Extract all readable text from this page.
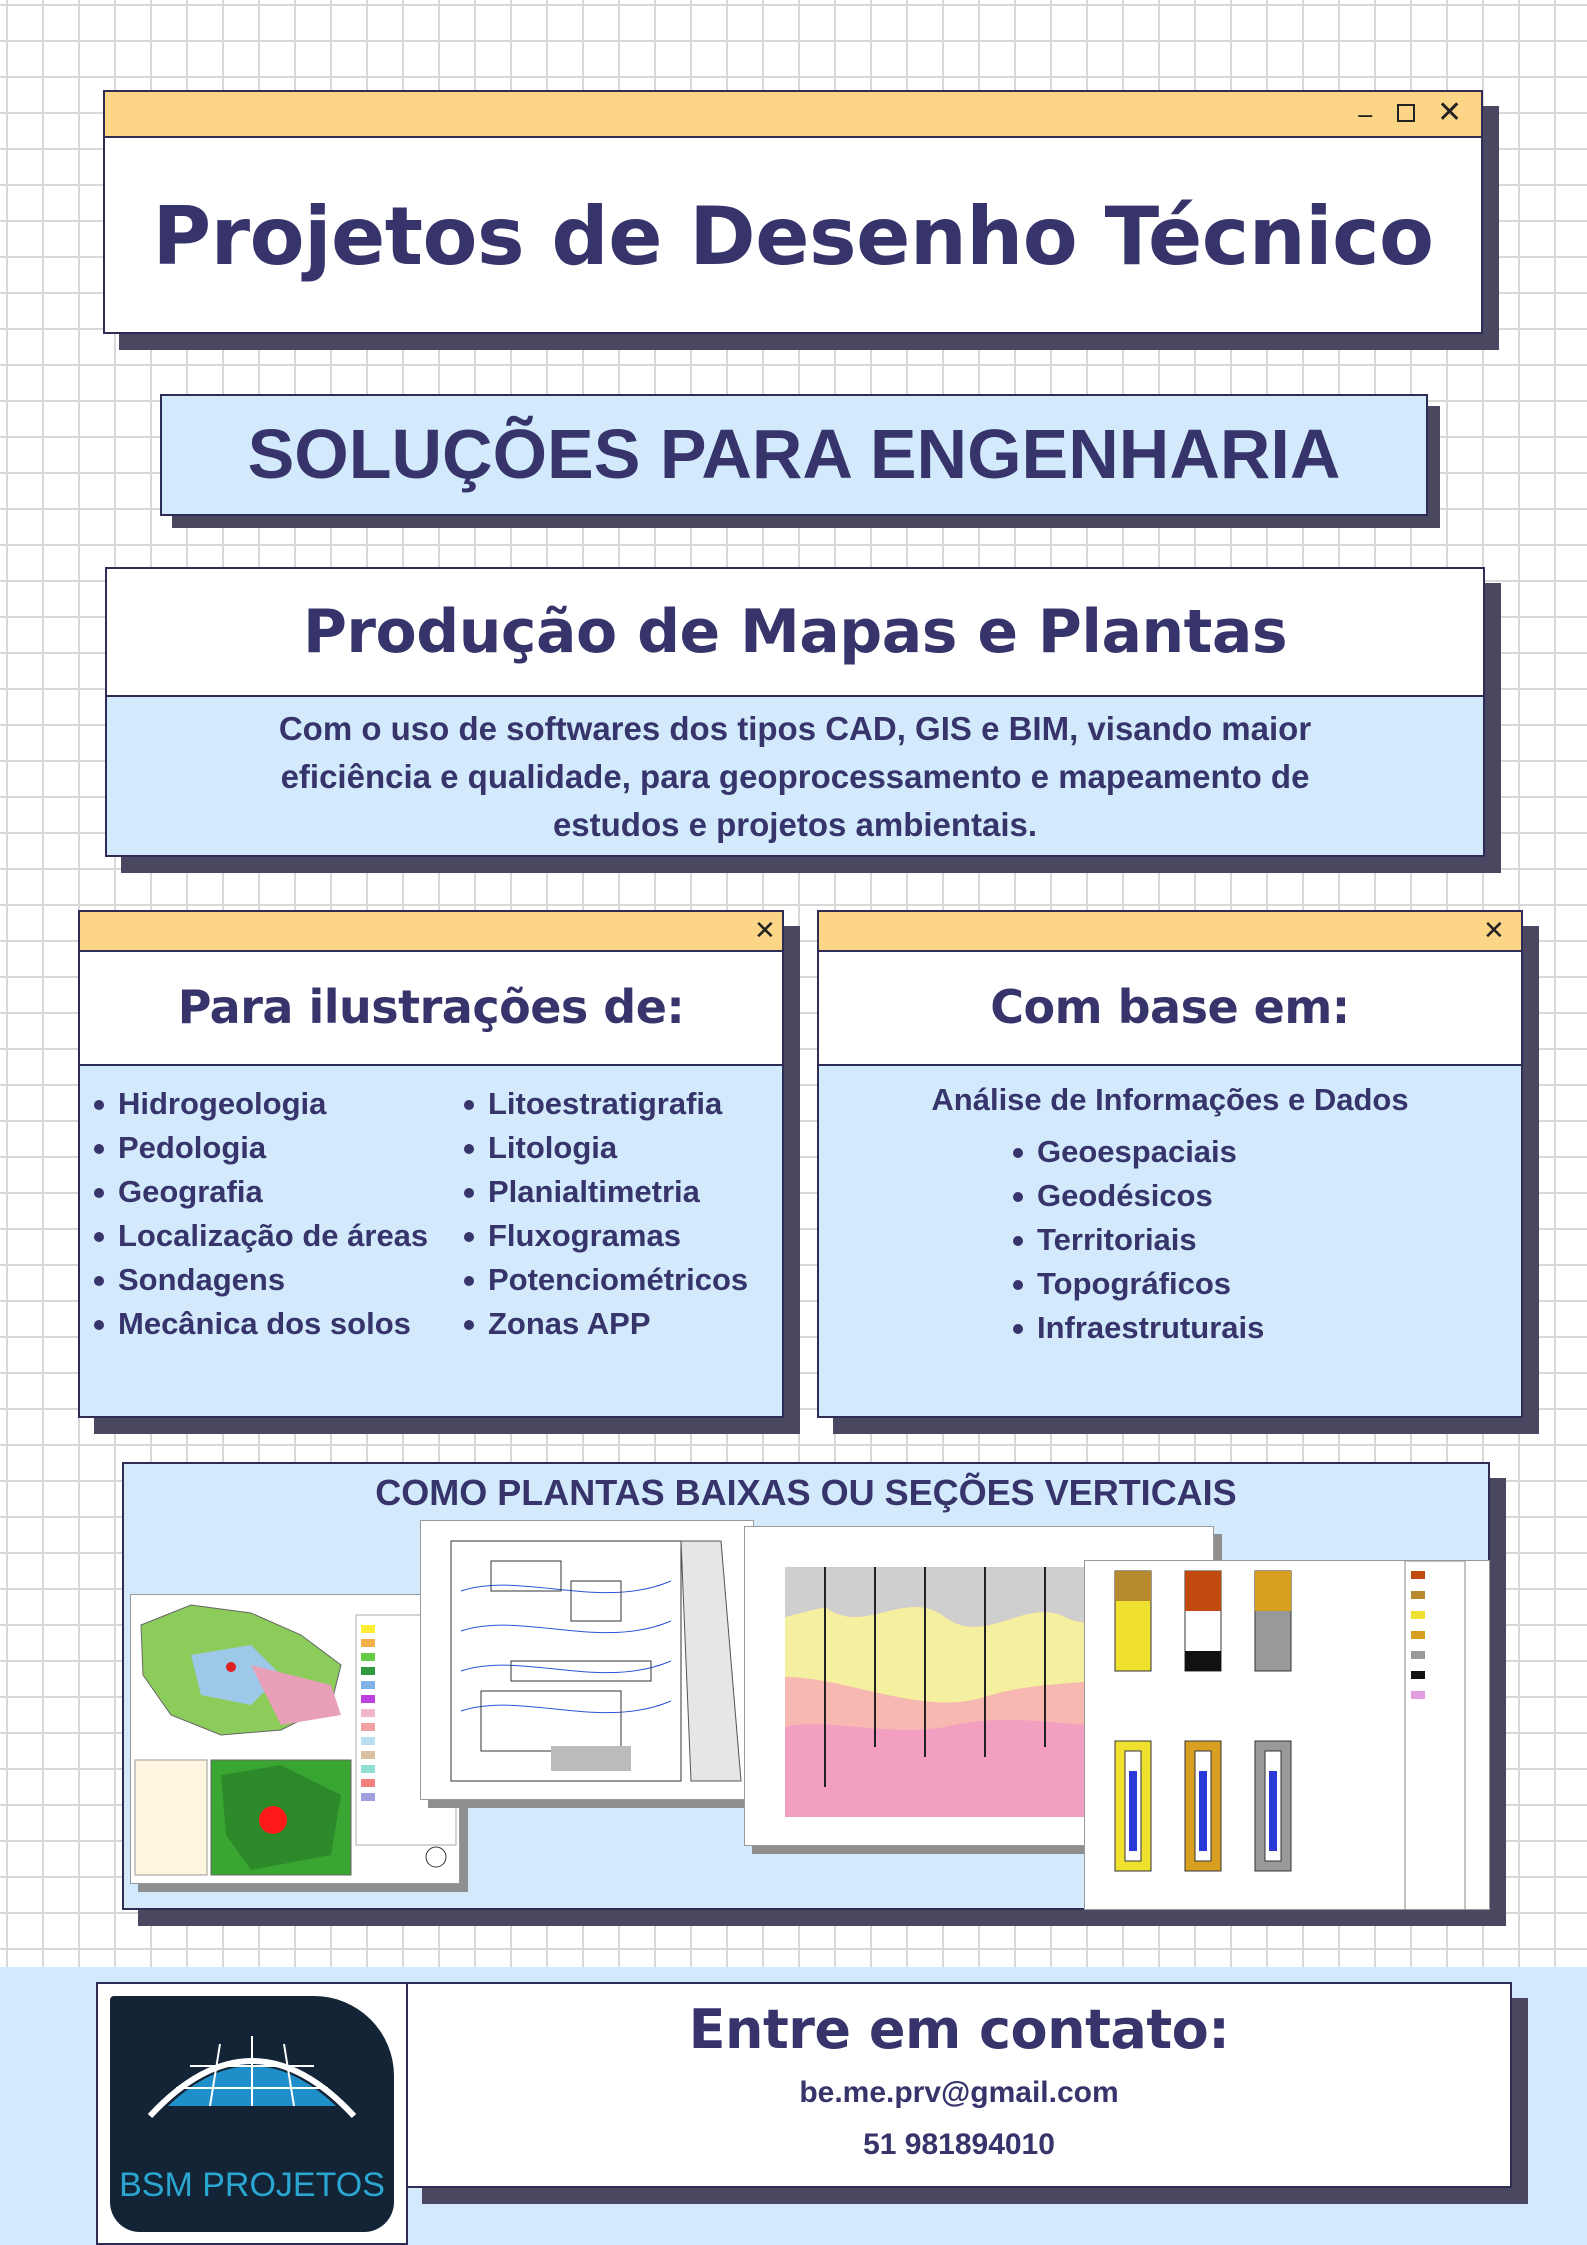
‒ ✕
Projetos de Desenho Técnico
SOLUÇÕES PARA ENGENHARIA
Produção de Mapas e Plantas
Com o uso de softwares dos tipos CAD, GIS e BIM, visando maior eficiência e qualidade, para geoprocessamento e mapeamento de estudos e projetos ambientais.
✕
Para ilustrações de:
Hidrogeologia
Pedologia
Geografia
Localização de áreas
Sondagens
Mecânica dos solos
Litoestratigrafia
Litologia
Planialtimetria
Fluxogramas
Potenciométricos
Zonas APP
✕
Com base em:
Análise de Informações e Dados
Geoespaciais
Geodésicos
Territoriais
Topográficos
Infraestruturais
COMO PLANTAS BAIXAS OU SEÇÕES VERTICAIS
BSM PROJETOS
Entre em contato:
be.me.prv@gmail.com
51 981894010
